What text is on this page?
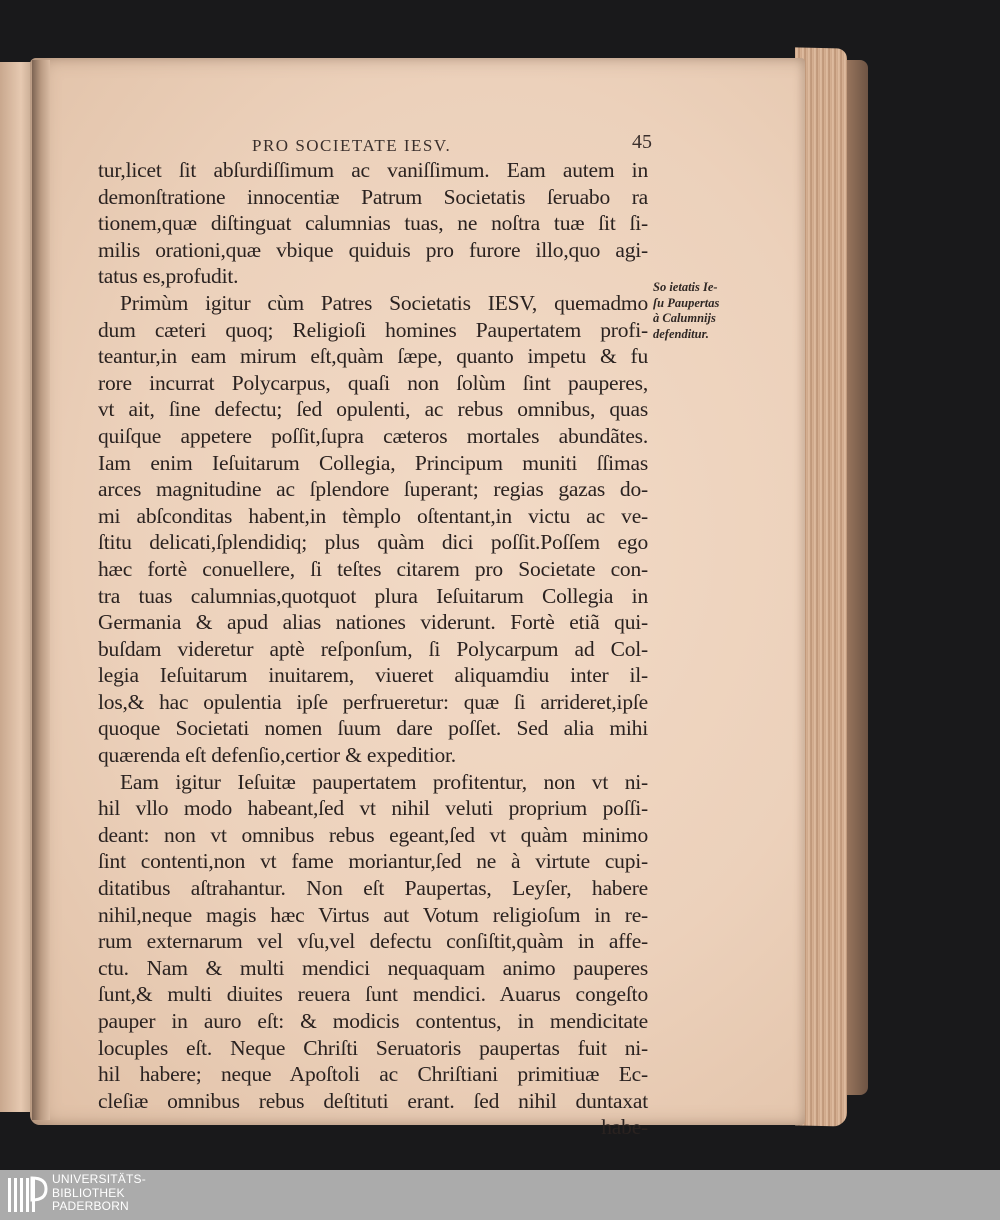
PRO SOCIETATE IESV.	45
tur,licet ſit abſurdiſſimum ac vaniſſimum. Eam autem in
demonſtratione innocentiæ Patrum Societatis ſeruabo ra
tionem,quæ diſtinguat calumnias tuas, ne noſtra tuæ ſit ſi-
milis orationi,quæ vbique quiduis pro furore illo,quo agi-
tatus es,profudit.
Primùm igitur cùm Patres Societatis IESV, quemadmo
dum cæteri quoq; Religioſi homines Paupertatem profi-
teantur,in eam mirum eſt,quàm ſæpe, quanto impetu & fu
rore incurrat Polycarpus, quaſi non ſolùm ſint pauperes,
vt ait, ſine defectu; ſed opulenti, ac rebus omnibus, quas
quiſque appetere poſſit,ſupra cæteros mortales abundãtes.
Iam enim Ieſuitarum Collegia, Principum muniti ſſimas
arces magnitudine ac ſplendore ſuperant; regias gazas do-
mi abſconditas habent,in tèmplo oſtentant,in victu ac ve-
ſtitu delicati,ſplendidiq; plus quàm dici poſſit.Poſſem ego
hæc fortè conuellere, ſi teſtes citarem pro Societate con-
tra tuas calumnias,quotquot plura Ieſuitarum Collegia in
Germania & apud alias nationes viderunt. Fortè etiã qui-
buſdam videretur aptè reſponſum, ſi Polycarpum ad Col-
legia Ieſuitarum inuitarem, viueret aliquamdiu inter il-
los,& hac opulentia ipſe perfrueretur: quæ ſi arrideret,ipſe
quoque Societati nomen ſuum dare poſſet. Sed alia mihi
quærenda eſt defenſio,certior & expeditior.
Eam igitur Ieſuitæ paupertatem profitentur, non vt ni-
hil vllo modo habeant,ſed vt nihil veluti proprium poſſi-
deant: non vt omnibus rebus egeant,ſed vt quàm minimo
ſint contenti,non vt fame moriantur,ſed ne à virtute cupi-
ditatibus aſtrahantur. Non eſt Paupertas, Leyſer, habere
nihil,neque magis hæc Virtus aut Votum religioſum in re-
rum externarum vel vſu,vel defectu conſiſtit,quàm in affe-
ctu. Nam & multi mendici nequaquam animo pauperes
ſunt,& multi diuites reuera ſunt mendici. Auarus congeſto
pauper in auro eſt: & modicis contentus, in mendicitate
locuples eſt. Neque Chriſti Seruatoris paupertas fuit ni-
hil habere; neque Apoſtoli ac Chriſtiani primitiuæ Ec-
cleſiæ omnibus rebus deſtituti erant. ſed nihil duntaxat
habe-
So ietatis Ie-
ſu Paupertas
à Calumnijs
defenditur.
UNIVERSITÄTS-
BIBLIOTHEK
PADERBORN
